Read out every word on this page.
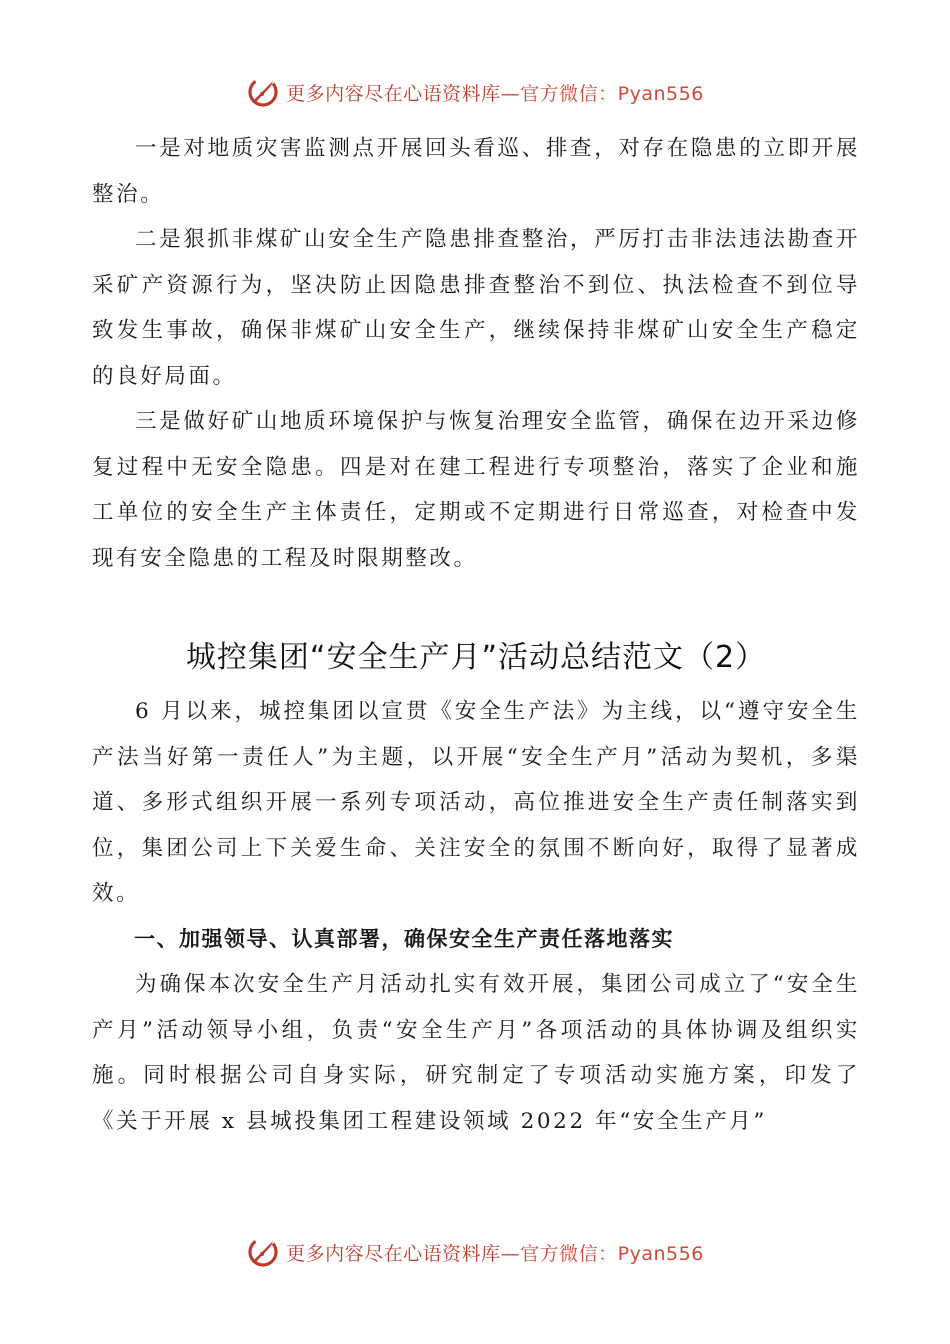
更多内容尽在心语资料库—官方微信：Pyan556

一是对地质灾害监测点开展回头看巡、排查，对存在隐患的立即开展整治。

二是狠抓非煤矿山安全生产隐患排查整治，严厉打击非法违法勘查开采矿产资源行为，坚决防止因隐患排查整治不到位、执法检查不到位导致发生事故，确保非煤矿山安全生产，继续保持非煤矿山安全生产稳定的良好局面。

三是做好矿山地质环境保护与恢复治理安全监管，确保在边开采边修复过程中无安全隐患。四是对在建工程进行专项整治，落实了企业和施工单位的安全生产主体责任，定期或不定期进行日常巡查，对检查中发现有安全隐患的工程及时限期整改。

城控集团“安全生产月”活动总结范文（2）

6 月以来，城控集团以宣贯《安全生产法》为主线，以“遵守安全生产法当好第一责任人”为主题，以开展“安全生产月”活动为契机，多渠道、多形式组织开展一系列专项活动，高位推进安全生产责任制落实到位，集团公司上下关爱生命、关注安全的氛围不断向好，取得了显著成效。

一、加强领导、认真部署，确保安全生产责任落地落实

为确保本次安全生产月活动扎实有效开展，集团公司成立了“安全生产月”活动领导小组，负责“安全生产月”各项活动的具体协调及组织实施。同时根据公司自身实际，研究制定了专项活动实施方案，印发了《关于开展 x 县城投集团工程建设领域 2022 年“安全生产月”

更多内容尽在心语资料库—官方微信：Pyan556
